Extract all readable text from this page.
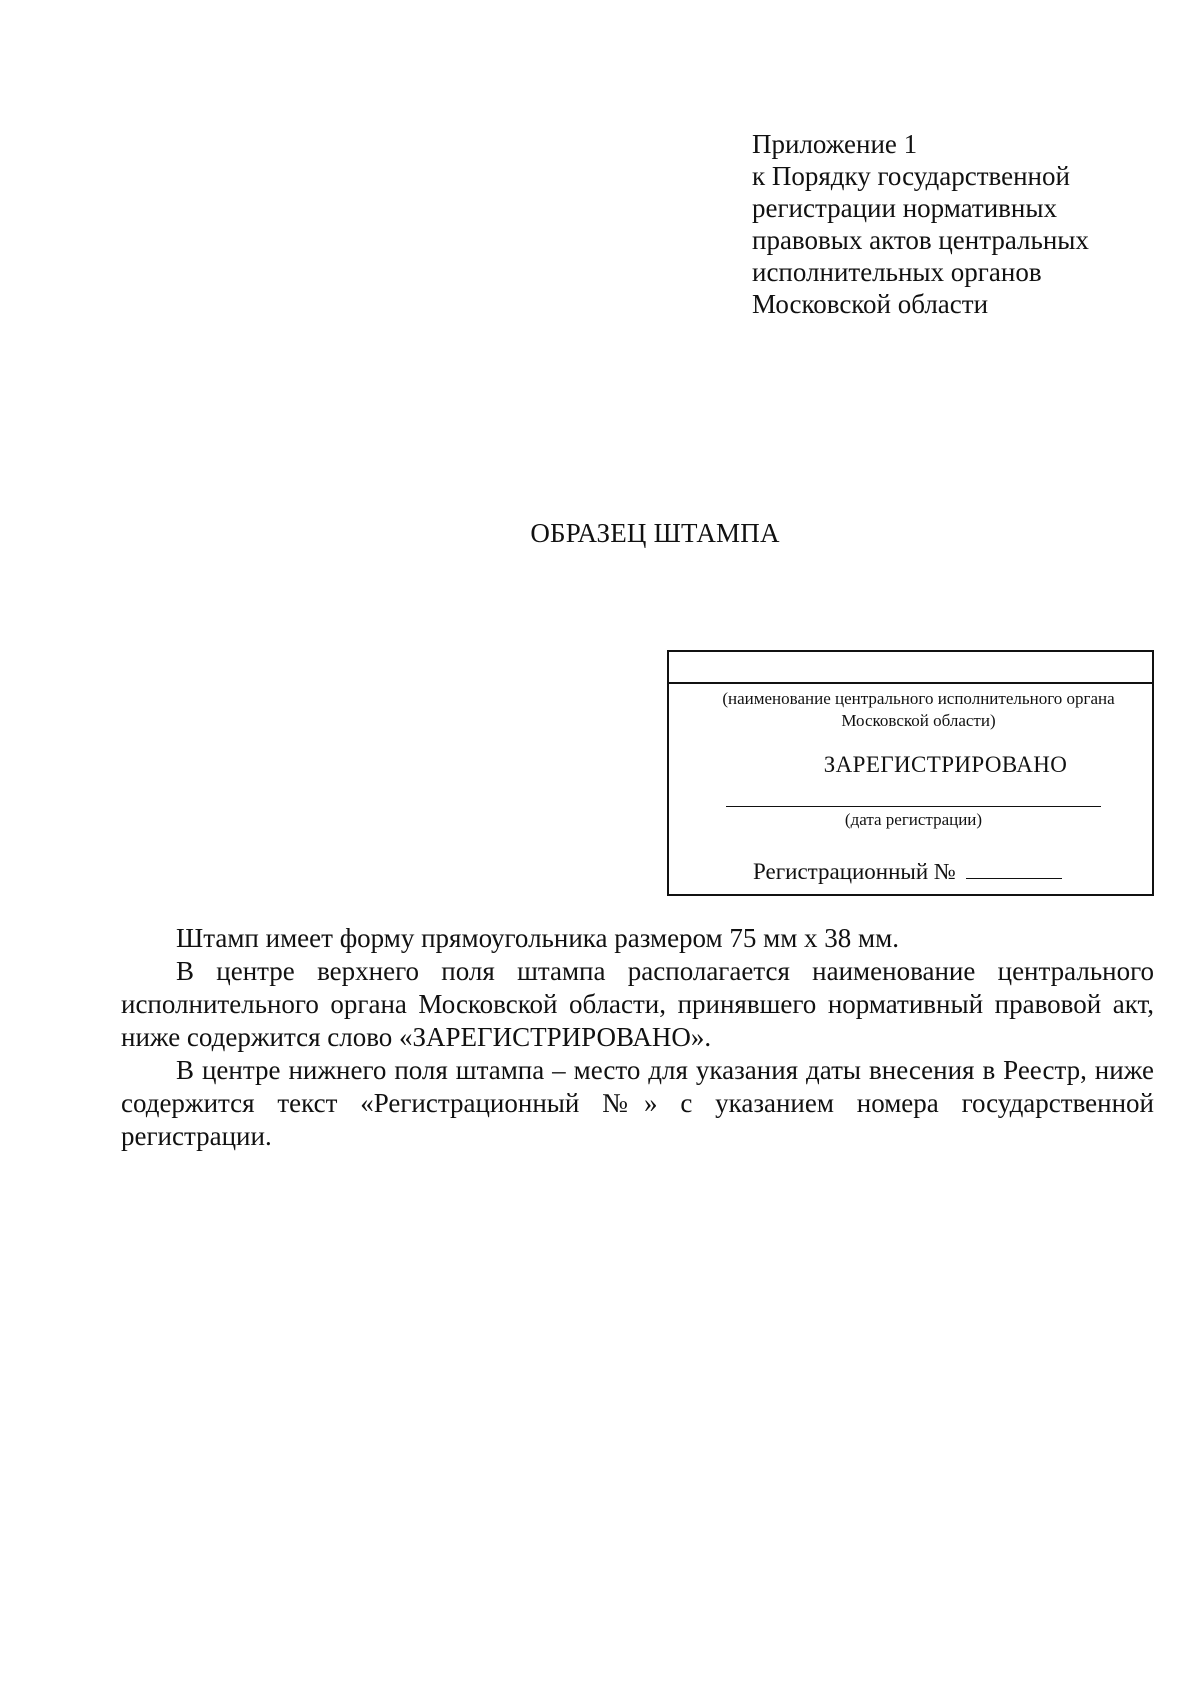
Приложение 1
к Порядку государственной
регистрации нормативных
правовых актов центральных
исполнительных органов
Московской области
ОБРАЗЕЦ ШТАМПА
(наименование центрального исполнительного органа
Московской области)
ЗАРЕГИСТРИРОВАНО
(дата регистрации)
Регистрационный №

Штамп имеет форму прямоугольника размером 75 мм х 38 мм.

В центре верхнего поля штампа располагается наименование центрального исполнительного органа Московской области, принявшего нормативный правовой акт, ниже содержится слово «ЗАРЕГИСТРИРОВАНО».

В центре нижнего поля штампа – место для указания даты внесения в Реестр, ниже содержится текст «Регистрационный №» с указанием номера государственной регистрации.
